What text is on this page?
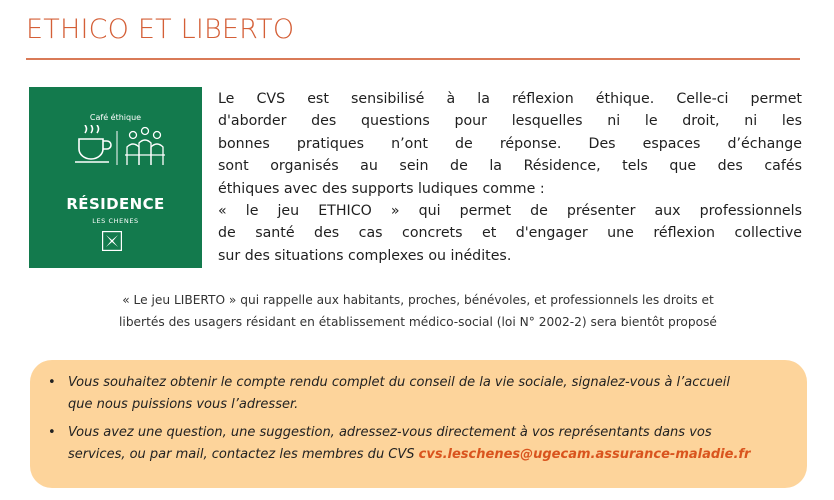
ETHICO ET LIBERTO
Café éthique
RÉSIDENCE
LES CHENES
Le CVS est sensibilisé à la réflexion éthique. Celle-ci permet
d'aborder des questions pour lesquelles ni le droit, ni les
bonnes pratiques n’ont de réponse. Des espaces d’échange
sont organisés au sein de la Résidence, tels que des cafés
éthiques avec des supports ludiques comme :
« le jeu ETHICO » qui permet de présenter aux professionnels
de santé des cas concrets et d'engager une réflexion collective
sur des situations complexes ou inédites.
« Le jeu LIBERTO » qui rappelle aux habitants, proches, bénévoles, et professionnels les droits et
libertés des usagers résidant en établissement médico-social (loi N° 2002-2) sera bientôt proposé
• Vous souhaitez obtenir le compte rendu complet du conseil de la vie sociale, signalez-vous à l’accueil
que nous puissions vous l’adresser.
• Vous avez une question, une suggestion, adressez-vous directement à vos représentants dans vos
services, ou par mail, contactez les membres du CVS cvs.leschenes@ugecam.assurance-maladie.fr
